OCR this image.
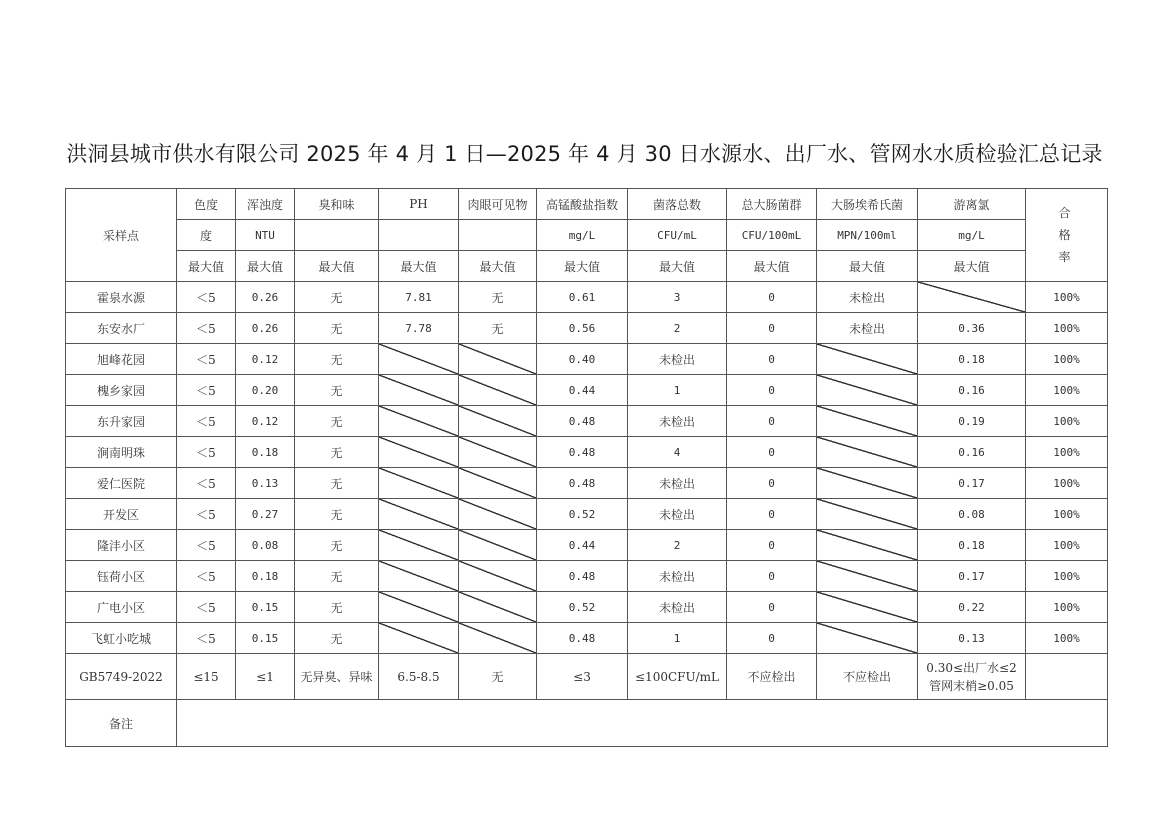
洪洞县城市供水有限公司 2025 年 4 月 1 日—2025 年 4 月 30 日水源水、出厂水、管网水水质检验汇总记录
采样点	色度	浑浊度	臭和味	PH	肉眼可见物	高锰酸盐指数	菌落总数	总大肠菌群	大肠埃希氏菌	游离氯	合
格
率
	度	NTU				mg/L	CFU/mL	CFU/100mL	MPN/100ml	mg/L	
	最大值	最大值	最大值	最大值	最大值	最大值	最大值	最大值	最大值	最大值	
霍泉水源	＜5	0.26	无	7.81	无	0.61	3	0	未检出		100%
东安水厂	＜5	0.26	无	7.78	无	0.56	2	0	未检出	0.36	100%
旭峰花园	＜5	0.12	无			0.40	未检出	0		0.18	100%
槐乡家园	＜5	0.20	无			0.44	1	0		0.16	100%
东升家园	＜5	0.12	无			0.48	未检出	0		0.19	100%
涧南明珠	＜5	0.18	无			0.48	4	0		0.16	100%
爱仁医院	＜5	0.13	无			0.48	未检出	0		0.17	100%
开发区	＜5	0.27	无			0.52	未检出	0		0.08	100%
隆沣小区	＜5	0.08	无			0.44	2	0		0.18	100%
钰荷小区	＜5	0.18	无			0.48	未检出	0		0.17	100%
广电小区	＜5	0.15	无			0.52	未检出	0		0.22	100%
飞虹小吃城	＜5	0.15	无			0.48	1	0		0.13	100%
GB5749-2022	≤15	≤1	无异臭、异味	6.5-8.5	无	≤3	≤100CFU/mL	不应检出	不应检出	0.30≤出厂水≤2
管网末梢≥0.05	

备注											
